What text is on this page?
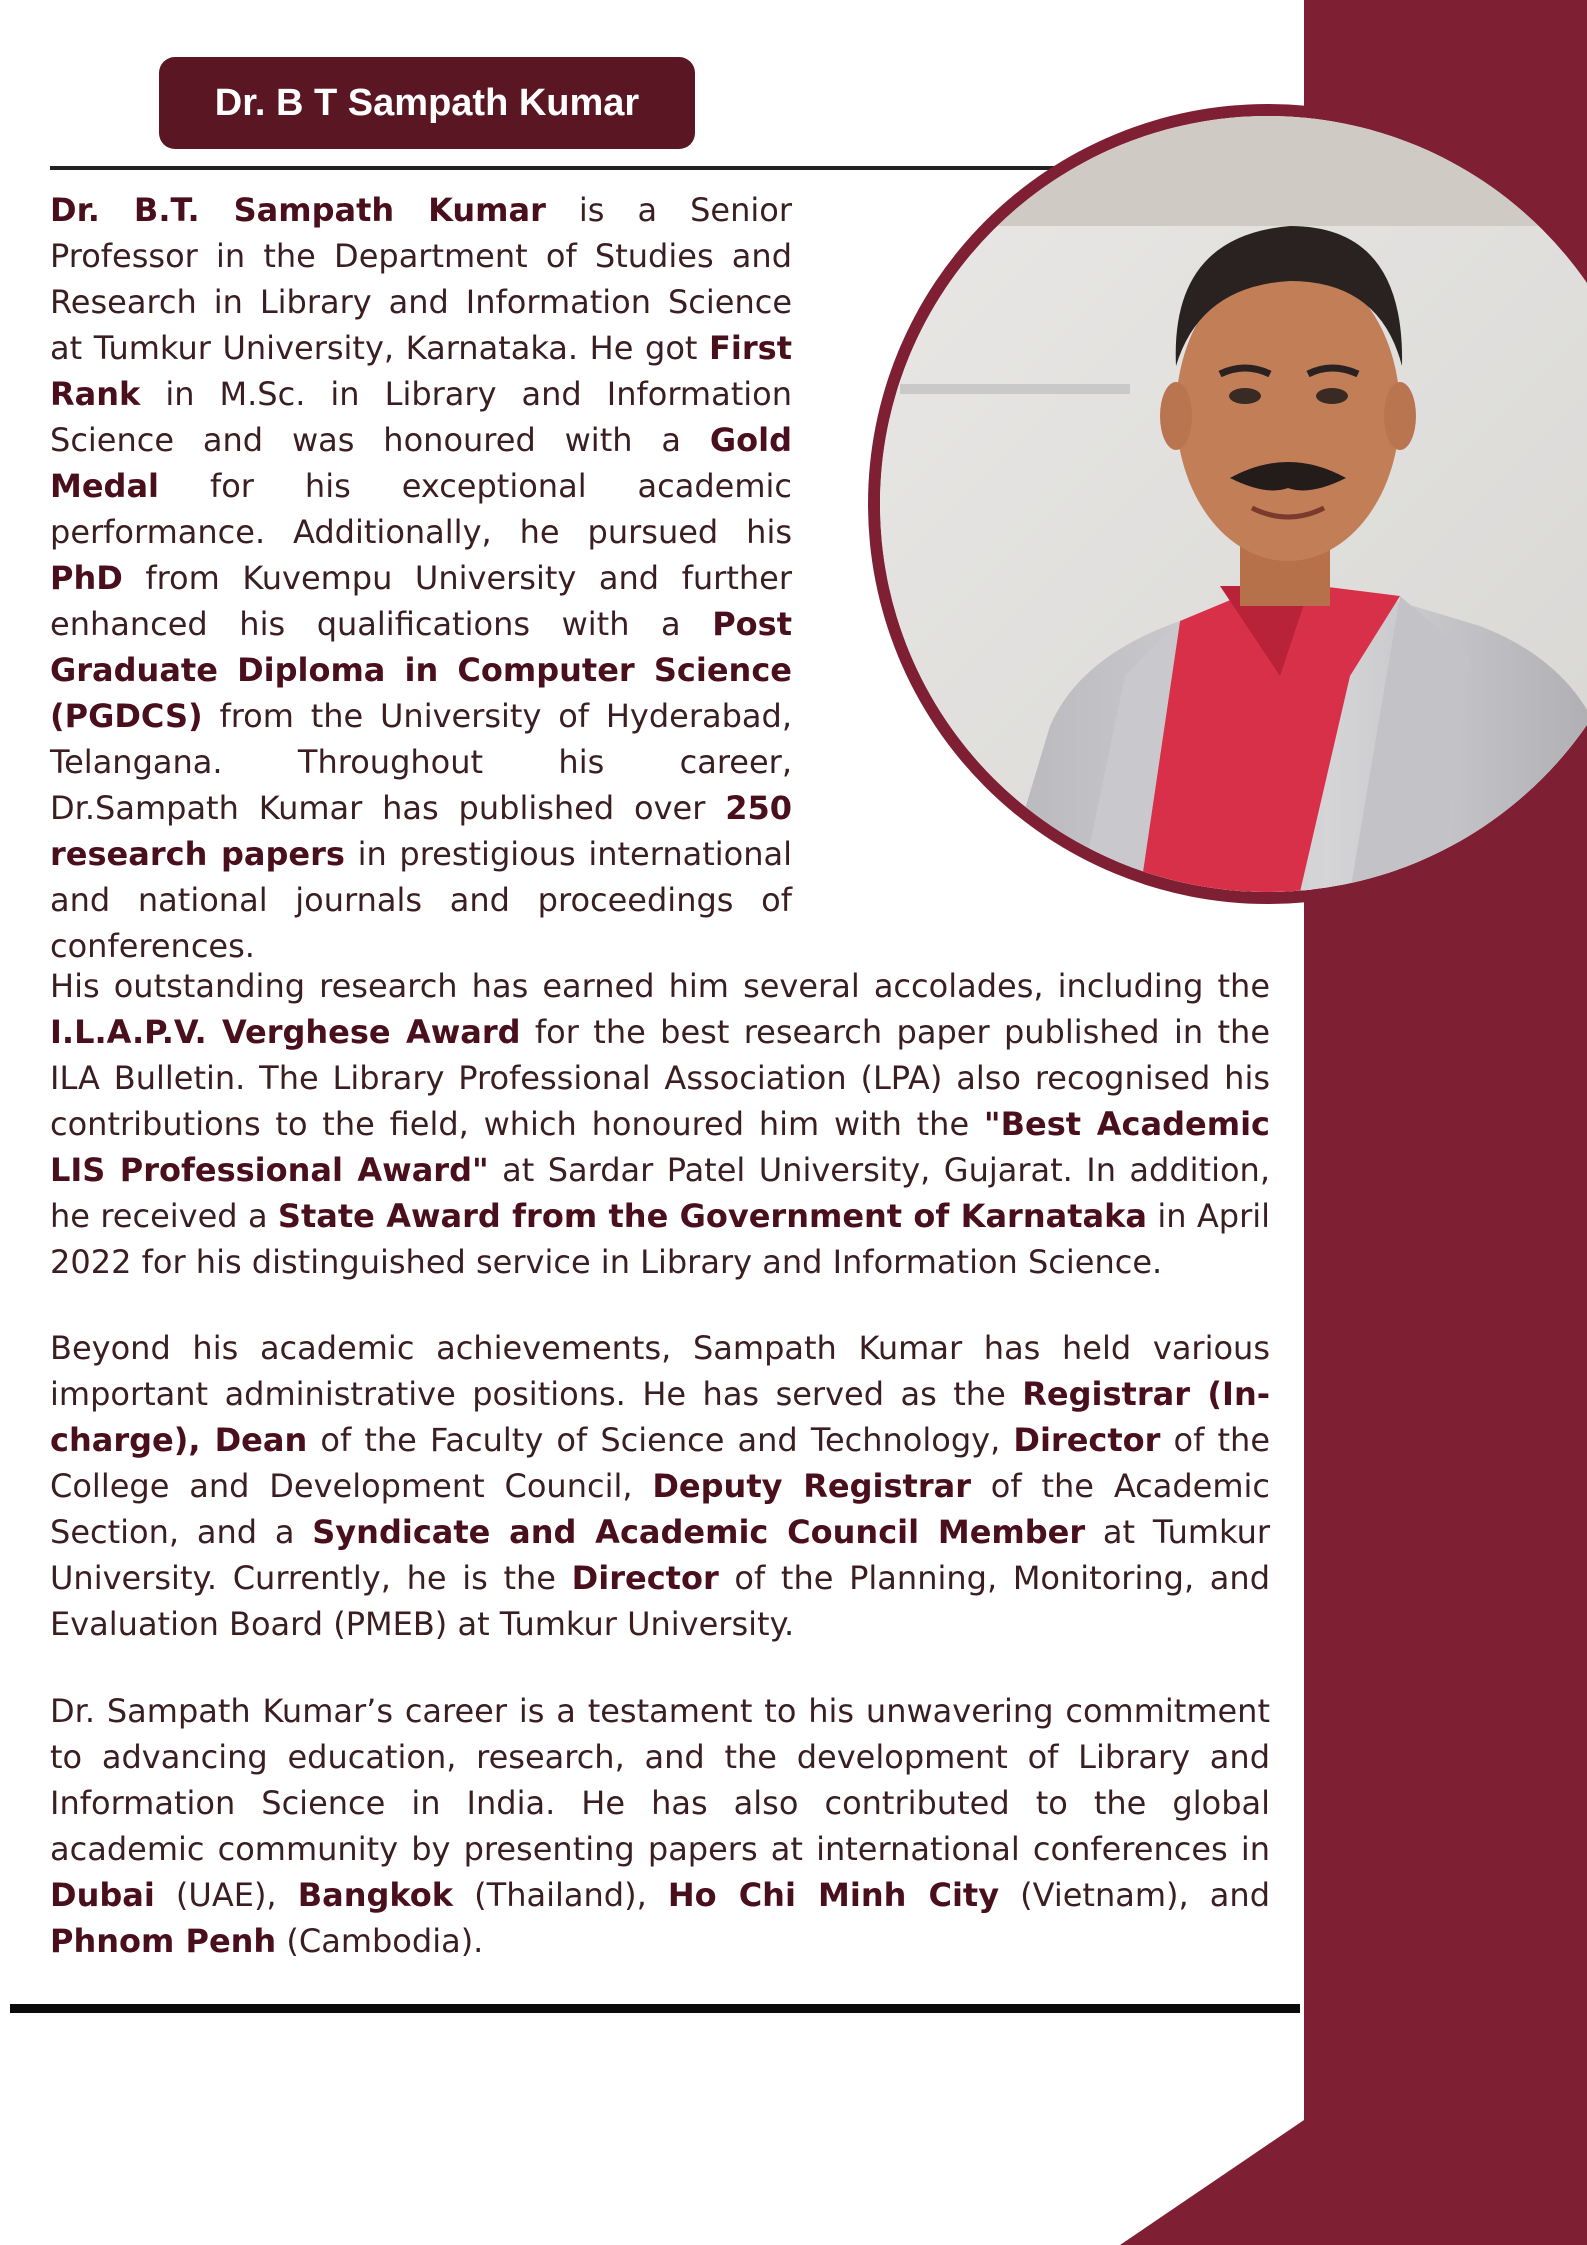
Dr. B T Sampath Kumar
Dr. B.T. Sampath Kumar is a Senior Professor in the Department of Studies and Research in Library and Information Science at Tumkur University, Karnataka. He got First Rank in M.Sc. in Library and Information Science and was honoured with a Gold Medal for his exceptional academic performance. Additionally, he pursued his PhD from Kuvempu University and further enhanced his qualifications with a Post Graduate Diploma in Computer Science (PGDCS) from the University of Hyderabad, Telangana. Throughout his career, Dr.Sampath Kumar has published over 250 research papers in prestigious international and national journals and proceedings of conferences.
His outstanding research has earned him several accolades, including the I.L.A.P.V. Verghese Award for the best research paper published in the ILA Bulletin. The Library Professional Association (LPA) also recognised his contributions to the field, which honoured him with the "Best Academic LIS Professional Award" at Sardar Patel University, Gujarat. In addition, he received a State Award from the Government of Karnataka in April 2022 for his distinguished service in Library and Information Science.
Beyond his academic achievements, Sampath Kumar has held various important administrative positions. He has served as the Registrar (In-charge), Dean of the Faculty of Science and Technology, Director of the College and Development Council, Deputy Registrar of the Academic Section, and a Syndicate and Academic Council Member at Tumkur University. Currently, he is the Director of the Planning, Monitoring, and Evaluation Board (PMEB) at Tumkur University.
Dr. Sampath Kumar’s career is a testament to his unwavering commitment to advancing education, research, and the development of Library and Information Science in India. He has also contributed to the global academic community by presenting papers at international conferences in Dubai (UAE), Bangkok (Thailand), Ho Chi Minh City (Vietnam), and Phnom Penh (Cambodia).
